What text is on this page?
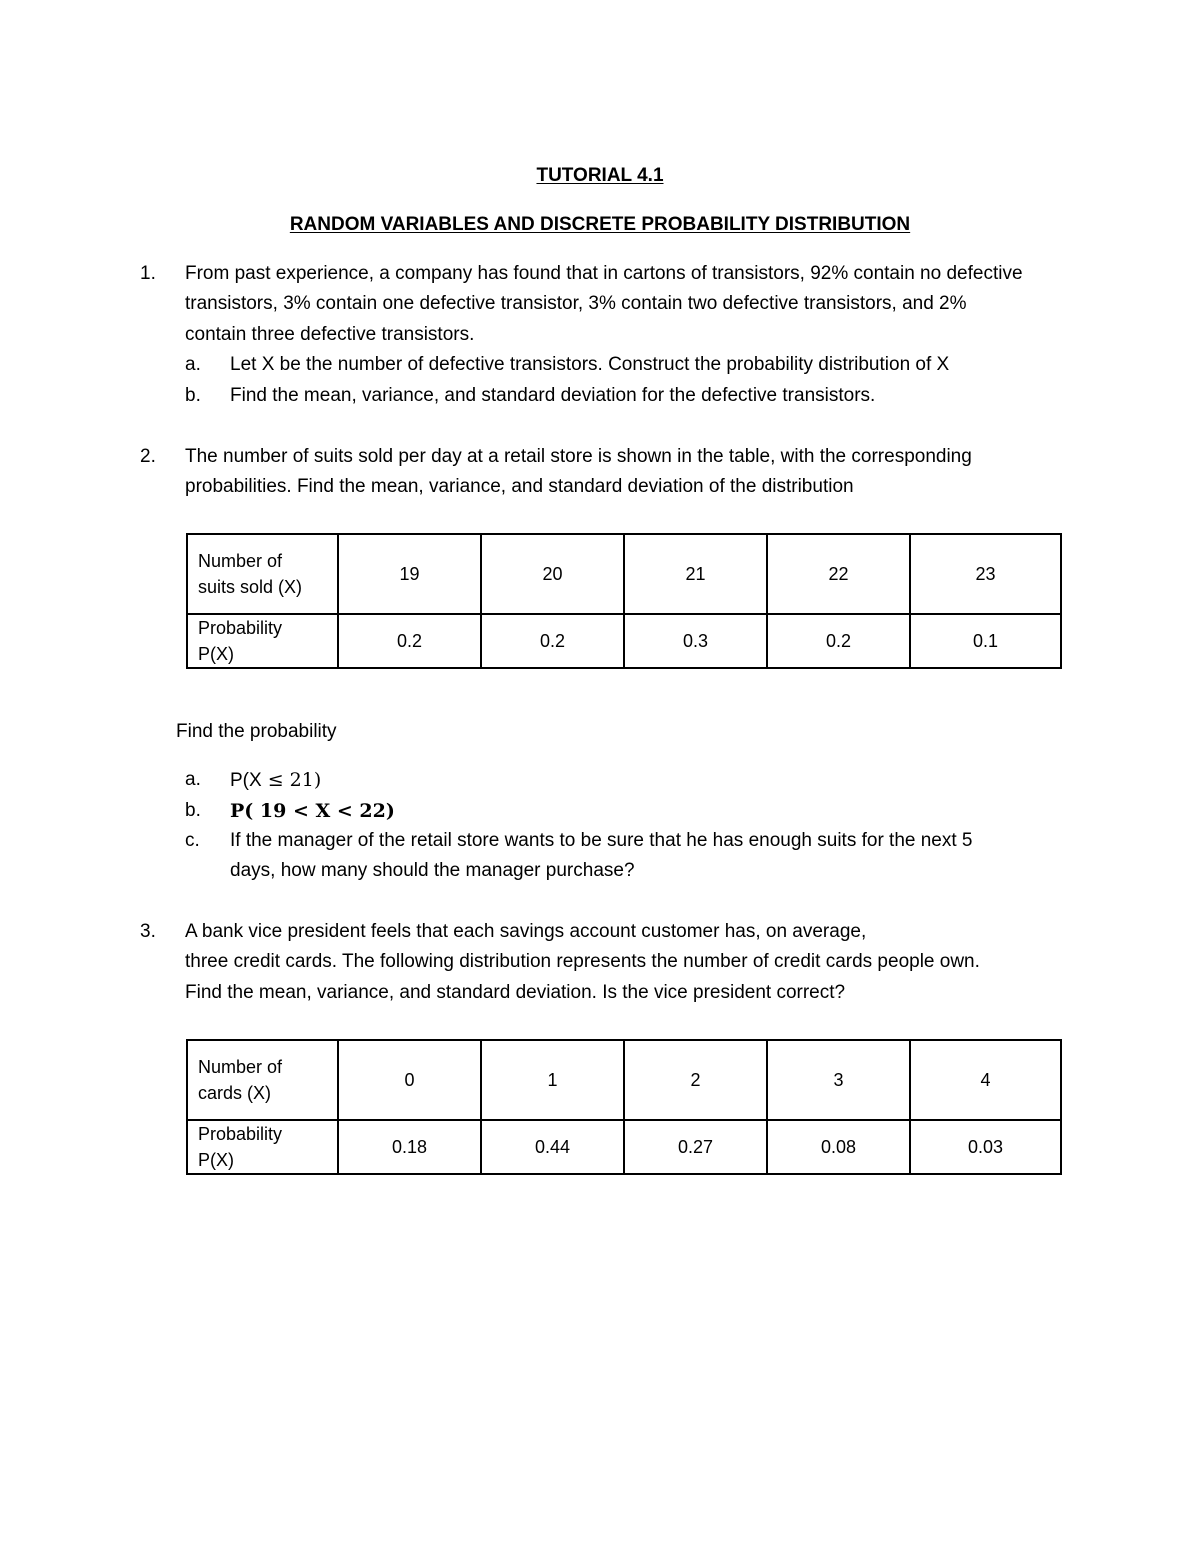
TUTORIAL 4.1
RANDOM VARIABLES AND DISCRETE PROBABILITY DISTRIBUTION
1. From past experience, a company has found that in cartons of transistors, 92% contain no defective
transistors, 3% contain one defective transistor, 3% contain two defective transistors, and 2%
contain three defective transistors.
a. Let X be the number of defective transistors. Construct the probability distribution of X
b. Find the mean, variance, and standard deviation for the defective transistors.
2. The number of suits sold per day at a retail store is shown in the table, with the corresponding
probabilities. Find the mean, variance, and standard deviation of the distribution
Number of
suits sold (X)	19	20	21	22	23

Probability
P(X)	0.2	0.2	0.3	0.2	0.1
Find the probability
a. P(X ≤ 21)
b. P( 19 < X < 22)
c. If the manager of the retail store wants to be sure that he has enough suits for the next 5
days, how many should the manager purchase?
3. A bank vice president feels that each savings account customer has, on average,
three credit cards. The following distribution represents the number of credit cards people own.
Find the mean, variance, and standard deviation. Is the vice president correct?
Number of
cards (X)	0	1	2	3	4

Probability
P(X)	0.18	0.44	0.27	0.08	0.03
